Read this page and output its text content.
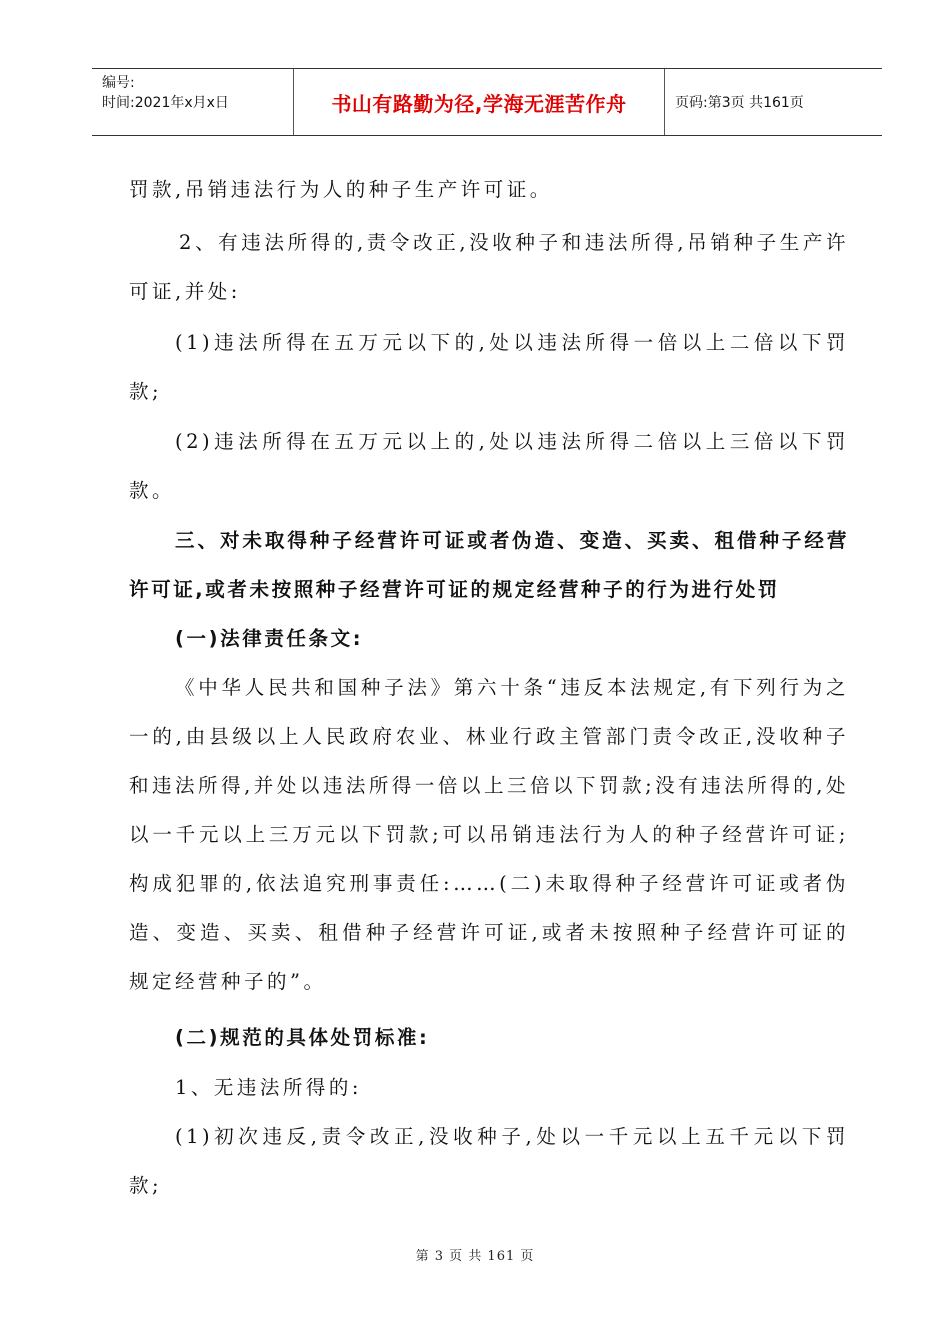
编号:
时间:2021年x月x日	书山有路勤为径,学海无涯苦作舟	页码:第3页 共161页

罚款,吊销违法行为人的种子生产许可证。

2、有违法所得的,责令改正,没收种子和违法所得,吊销种子生产许可证,并处:

(1)违法所得在五万元以下的,处以违法所得一倍以上二倍以下罚款;

(2)违法所得在五万元以上的,处以违法所得二倍以上三倍以下罚款。

三、对未取得种子经营许可证或者伪造、变造、买卖、租借种子经营许可证,或者未按照种子经营许可证的规定经营种子的行为进行处罚

(一)法律责任条文:

《中华人民共和国种子法》第六十条“违反本法规定,有下列行为之一的,由县级以上人民政府农业、林业行政主管部门责令改正,没收种子和违法所得,并处以违法所得一倍以上三倍以下罚款;没有违法所得的,处以一千元以上三万元以下罚款;可以吊销违法行为人的种子经营许可证;构成犯罪的,依法追究刑事责任:……(二)未取得种子经营许可证或者伪造、变造、买卖、租借种子经营许可证,或者未按照种子经营许可证的规定经营种子的”。

(二)规范的具体处罚标准:

1、无违法所得的:

(1)初次违反,责令改正,没收种子,处以一千元以上五千元以下罚款;

第 3 页 共 161 页
